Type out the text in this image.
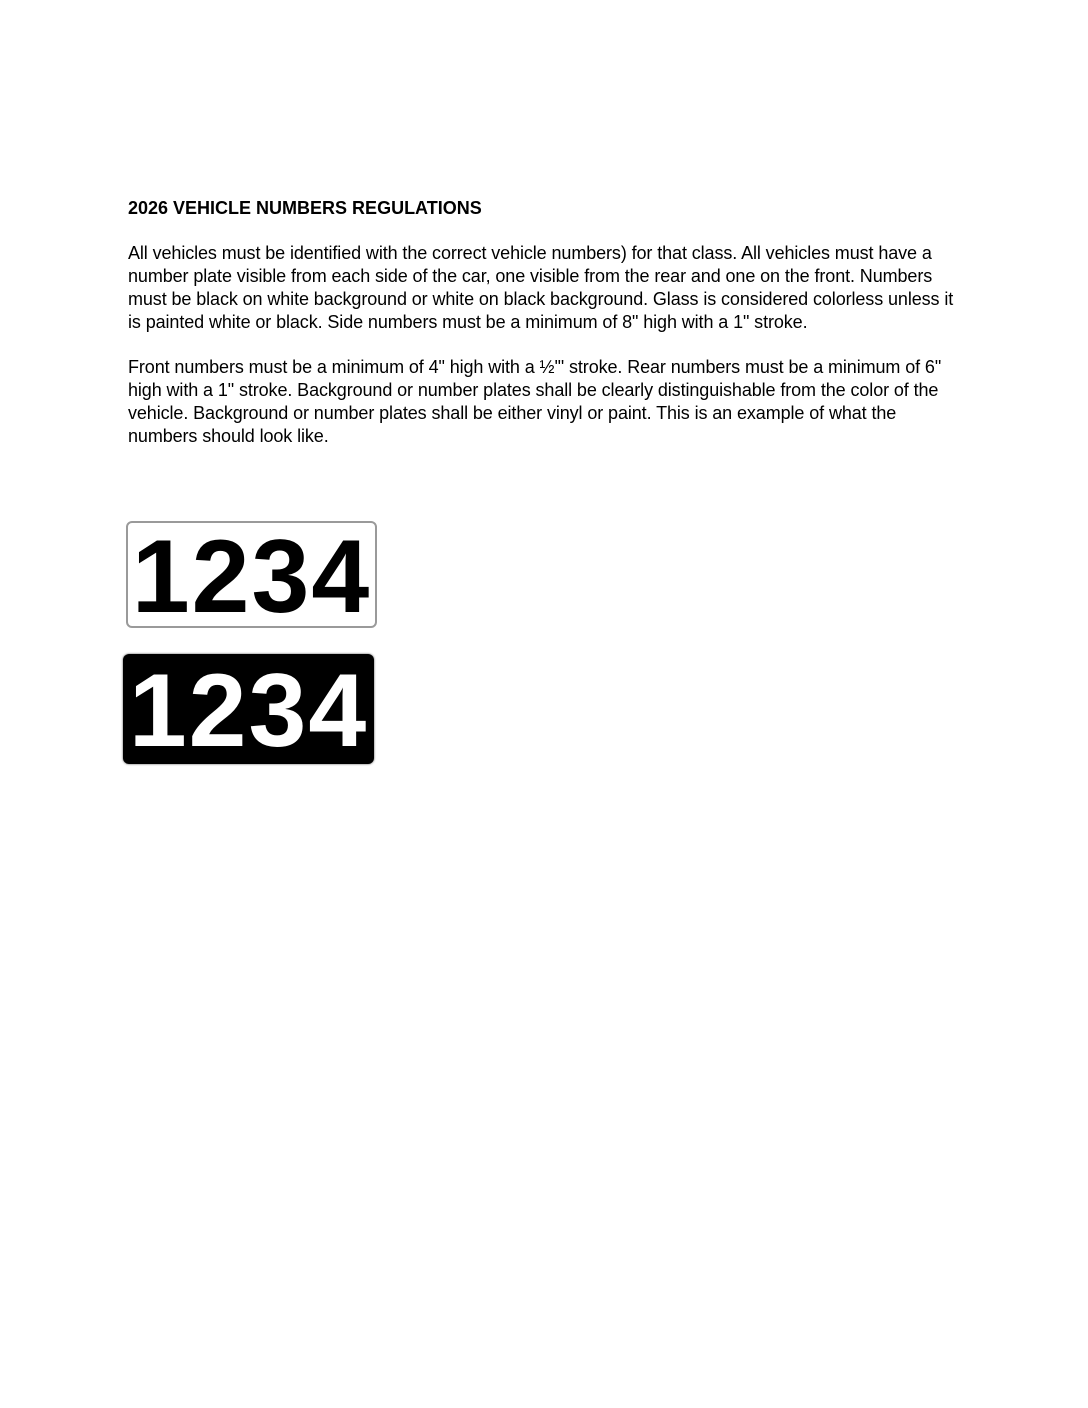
2026 VEHICLE NUMBERS REGULATIONS

All vehicles must be identified with the correct vehicle numbers) for that class. All vehicles must have a number plate visible from each side of the car, one visible from the rear and one on the front. Numbers must be black on white background or white on black background. Glass is considered colorless unless it is painted white or black. Side numbers must be a minimum of 8" high with a 1" stroke.

Front numbers must be a minimum of 4" high with a ½'" stroke. Rear numbers must be a minimum of 6" high with a 1" stroke. Background or number plates shall be clearly distinguishable from the color of the vehicle. Background or number plates shall be either vinyl or paint. This is an example of what the numbers should look like.

1234
1234
